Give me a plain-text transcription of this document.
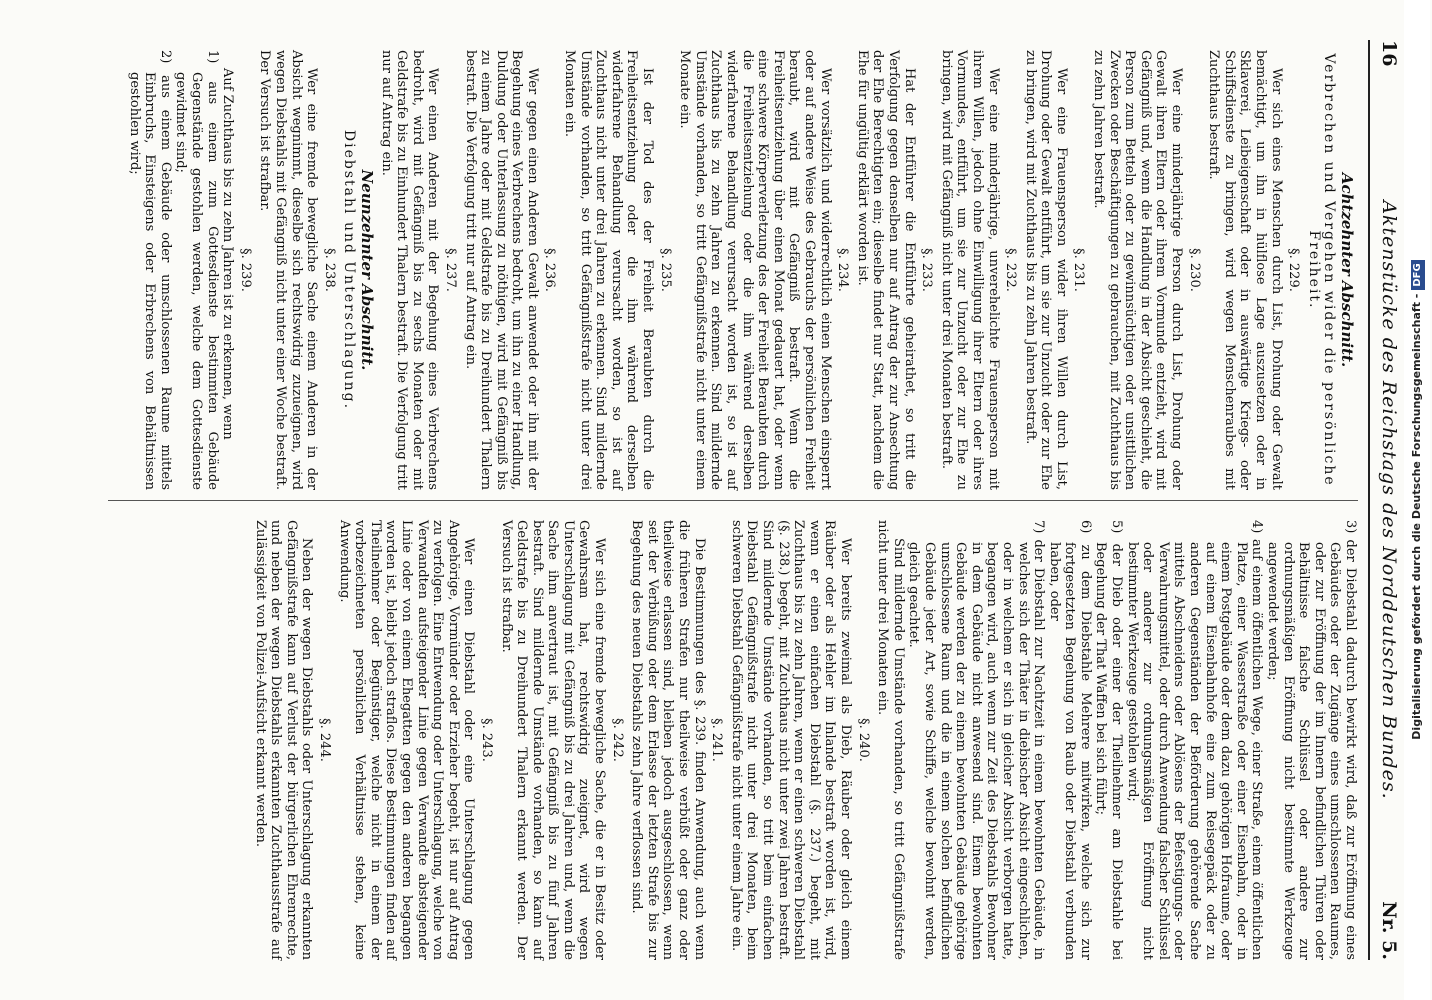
16
Aktenstücke des Reichstags des Norddeutschen Bundes.
Nr. 5.
Achtzehnter Abschnitt.
Verbrechen und Vergehen wider die persönliche Freiheit.
§. 229.

Wer sich eines Menschen durch List, Drohung oder Gewalt bemächtigt, um ihn in hülflose Lage auszusetzen oder in Sklaverei, Leibeigenschaft oder in auswärtige Kriegs- oder Schiffsdienste zu bringen, wird wegen Menschenraubes mit Zuchthaus bestraft.

§. 230.

Wer eine minderjährige Person durch List, Drohung oder Gewalt ihren Eltern oder ihrem Vormunde entzieht, wird mit Gefängniß und, wenn die Handlung in der Absicht geschieht, die Person zum Betteln oder zu gewinnsüchtigen oder unsittlichen Zwecken oder Beschäftigungen zu gebrauchen, mit Zuchthaus bis zu zehn Jahren bestraft.

§. 231.

Wer eine Frauensperson wider ihren Willen durch List, Drohung oder Gewalt entführt, um sie zur Unzucht oder zur Ehe zu bringen, wird mit Zuchthaus bis zu zehn Jahren bestraft.

§. 232.

Wer eine minderjährige, unverehelichte Frauensperson mit ihrem Willen, jedoch ohne Einwilligung ihrer Eltern oder ihres Vormundes, entführt, um sie zur Unzucht oder zur Ehe zu bringen, wird mit Gefängniß nicht unter drei Monaten bestraft.

§. 233.

Hat der Entführer die Entführte geheirathet, so tritt die Verfolgung gegen denselben nur auf Antrag der zur Ansechtung der Ehe Berechtigten ein; dieselbe findet nur Statt, nachdem die Ehe für ungültig erklärt worden ist.

§. 234.

Wer vorsätzlich und widerrechtlich einen Menschen einsperrt oder auf andere Weise des Gebrauchs der persönlichen Freiheit beraubt, wird mit Gefängniß bestraft. Wenn die Freiheitsentziehung über einen Monat gedauert hat, oder wenn eine schwere Körperverletzung des der Freiheit Beraubten durch die Freiheitsentziehung oder die ihm während derselben widerfahrene Behandlung verursacht worden ist, so ist auf Zuchthaus bis zu zehn Jahren zu erkennen. Sind mildernde Umstände vorhanden, so tritt Gefängnißstrafe nicht unter einem Monate ein.

§. 235.

Ist der Tod des der Freiheit Beraubten durch die Freiheitsentziehung oder die ihm während derselben widerfahrene Behandlung verursacht worden, so ist auf Zuchthaus nicht unter drei Jahren zu erkennen. Sind mildernde Umstände vorhanden, so tritt Gefängnißstrafe nicht unter drei Monaten ein.

§. 236.

Wer gegen einen Anderen Gewalt anwendet oder ihn mit der Begehung eines Verbrechens bedroht, um ihn zu einer Handlung, Duldung oder Unterlassung zu nöthigen, wird mit Gefängniß bis zu einem Jahre oder mit Geldstrafe bis zu Dreihundert Thalern bestraft. Die Verfolgung tritt nur auf Antrag ein.

§. 237.

Wer einen Anderen mit der Begehung eines Verbrechens bedroht, wird mit Gefängniß bis zu sechs Monaten oder mit Geldstrafe bis zu Einhundert Thalern bestraft. Die Verfolgung tritt nur auf Antrag ein.

Neunzehnter Abschnitt.
Diebstahl und Unterschlagung.
§. 238.

Wer eine fremde bewegliche Sache einem Anderen in der Absicht wegnimmt, dieselbe sich rechtswidrig zuzueignen, wird wegen Diebstahls mit Gefängniß nicht unter einer Woche bestraft. Der Versuch ist strafbar.

§. 239.

Auf Zuchthaus bis zu zehn Jahren ist zu erkennen, wenn

1) aus einem zum Gottesdienste bestimmten Gebäude Gegenstände gestohlen werden, welche dem Gottesdienste gewidmet sind;

2) aus einem Gebäude oder umschlossenen Raume mittels Einbruchs, Einsteigens oder Erbrechens von Behältnissen gestohlen wird;

3) der Diebstahl dadurch bewirkt wird, daß zur Eröffnung eines Gebäudes oder der Zugänge eines umschlossenen Raumes, oder zur Eröffnung der im Innern befindlichen Thüren oder Behältnisse falsche Schlüssel oder andere zur ordnungsmäßigen Eröffnung nicht bestimmte Werkzeuge angewendet werden;

4) auf einem öffentlichen Wege, einer Straße, einem öffentlichen Platze, einer Wasserstraße oder einer Eisenbahn, oder in einem Postgebäude oder dem dazu gehörigen Hofraume, oder auf einem Eisenbahnhofe eine zum Reisegepäck oder zu anderen Gegenständen der Beförderung gehörende Sache mittels Abschneidens oder Ablösens der Befestigungs- oder Verwahrungsmittel, oder durch Anwendung falscher Schlüssel oder anderer zur ordnungsmäßigen Eröffnung nicht bestimmter Werkzeuge gestohlen wird;

5) der Dieb oder einer der Theilnehmer am Diebstahle bei Begehung der That Waffen bei sich führt;

6) zu dem Diebstahle Mehrere mitwirken, welche sich zur fortgesetzten Begehung von Raub oder Diebstahl verbunden haben, oder

7) der Diebstahl zur Nachtzeit in einem bewohnten Gebäude, in welches sich der Thäter in diebischer Absicht eingeschlichen, oder in welchem er sich in gleicher Absicht verborgen hatte, begangen wird, auch wenn zur Zeit des Diebstahls Bewohner in dem Gebäude nicht anwesend sind. Einem bewohnten Gebäude werden der zu einem bewohnten Gebäude gehörige umschlossene Raum und die in einem solchen befindlichen Gebäude jeder Art, sowie Schiffe, welche bewohnt werden, gleich geachtet.

Sind mildernde Umstände vorhanden, so tritt Gefängnißstrafe nicht unter drei Monaten ein.

§. 240.

Wer bereits zweimal als Dieb, Räuber oder gleich einem Räuber oder als Hehler im Inlande bestraft worden ist, wird, wenn er einen einfachen Diebstahl (§. 237.) begeht, mit Zuchthaus bis zu zehn Jahren, wenn er einen schweren Diebstahl (§. 238.) begeht, mit Zuchthaus nicht unter zwei Jahren bestraft. Sind mildernde Umstände vorhanden, so tritt beim einfachen Diebstahl Gefängnißstrafe nicht unter drei Monaten, beim schweren Diebstahl Gefängnißstrafe nicht unter einem Jahre ein.

§. 241.

Die Bestimmungen des §. 239. finden Anwendung, auch wenn die früheren Strafen nur theilweise verbüßt oder ganz oder theilweise erlassen sind, bleiben jedoch ausgeschlossen, wenn seit der Verbüßung oder dem Erlasse der letzten Strafe bis zur Begehung des neuen Diebstahls zehn Jahre verflossen sind.

§. 242.

Wer sich eine fremde bewegliche Sache, die er in Besitz oder Gewahrsam hat, rechtswidrig zueignet, wird wegen Unterschlagung mit Gefängniß bis zu drei Jahren und, wenn die Sache ihm anvertraut ist, mit Gefängniß bis zu fünf Jahren bestraft. Sind mildernde Umstände vorhanden, so kann auf Geldstrafe bis zu Dreihundert Thalern erkannt werden. Der Versuch ist strafbar.

§. 243.

Wer einen Diebstahl oder eine Unterschlagung gegen Angehörige, Vormünder oder Erzieher begeht, ist nur auf Antrag zu verfolgen. Eine Entwendung oder Unterschlagung, welche von Verwandten aufsteigender Linie gegen Verwandte absteigender Linie oder von einem Ehegatten gegen den anderen begangen worden ist, bleibt jedoch straflos. Diese Bestimmungen finden auf Theilnehmer oder Begünstiger, welche nicht in einem der vorbezeichneten persönlichen Verhältnisse stehen, keine Anwendung.

§. 244.

Neben der wegen Diebstahls oder Unterschlagung erkannten Gefängnißstrafe kann auf Verlust der bürgerlichen Ehrenrechte, und neben der wegen Diebstahls erkannten Zuchthausstrafe auf Zulässigkeit von Polizei-Aufsicht erkannt werden.	Digitalisierung gefördert durch die Deutsche Forschungsgemeinschaft -DFG
